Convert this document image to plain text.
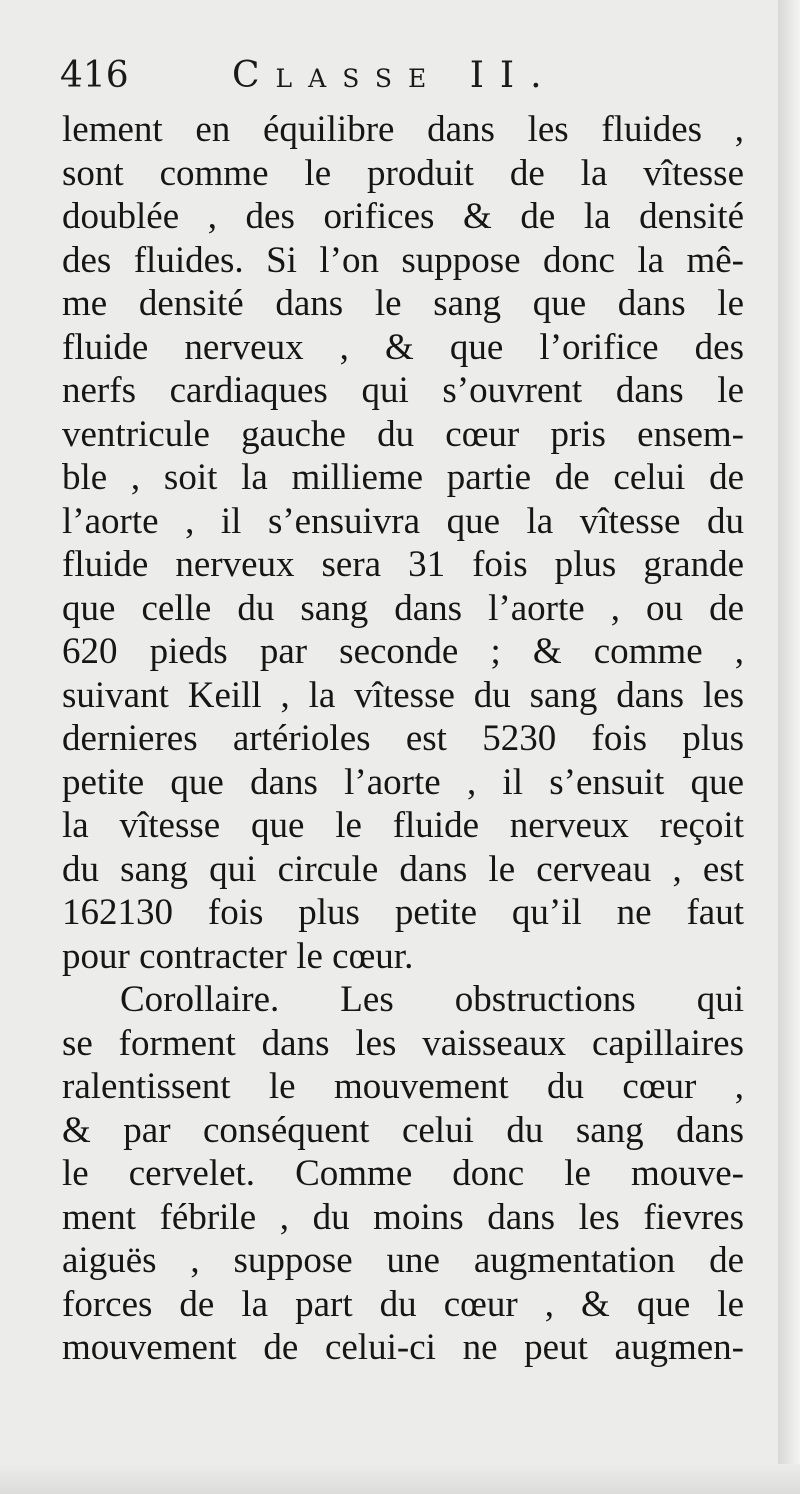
416	Classe II.
lement en équilibre dans les fluides ,
sont comme le produit de la vîtesse
doublée , des orifices & de la densité
des fluides. Si l’on suppose donc la mê-
me densité dans le sang que dans le
fluide nerveux , & que l’orifice des
nerfs cardiaques qui s’ouvrent dans le
ventricule gauche du cœur pris ensem-
ble , soit la millieme partie de celui de
l’aorte , il s’ensuivra que la vîtesse du
fluide nerveux sera 31 fois plus grande
que celle du sang dans l’aorte , ou de
620 pieds par seconde ; & comme ,
suivant Keill , la vîtesse du sang dans les
dernieres artérioles est 5230 fois plus
petite que dans l’aorte , il s’ensuit que
la vîtesse que le fluide nerveux reçoit
du sang qui circule dans le cerveau , est
162130 fois plus petite qu’il ne faut
pour contracter le cœur.
Corollaire. Les obstructions qui
se forment dans les vaisseaux capillaires
ralentissent le mouvement du cœur ,
& par conséquent celui du sang dans
le cervelet. Comme donc le mouve-
ment fébrile , du moins dans les fievres
aiguës , suppose une augmentation de
forces de la part du cœur , & que le
mouvement de celui-ci ne peut augmen-
